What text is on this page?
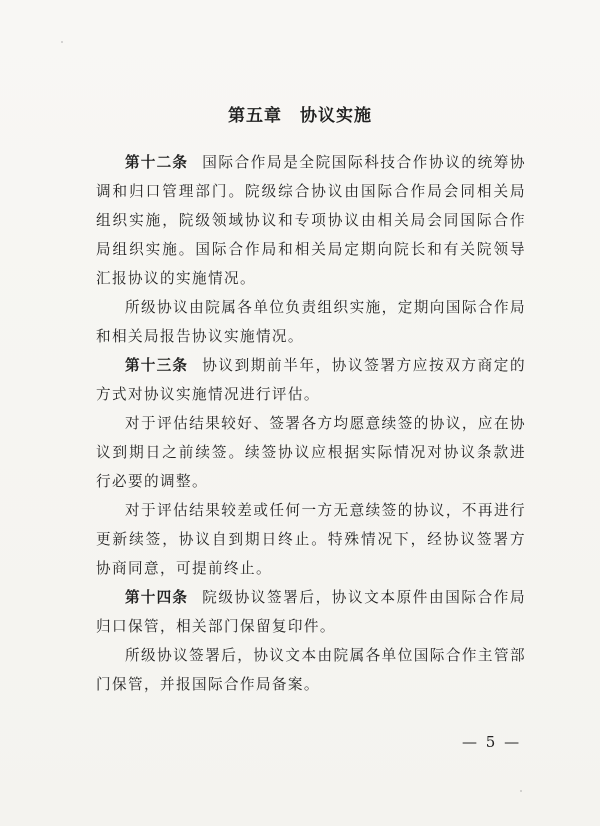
第五章　协议实施

第十二条 国际合作局是全院国际科技合作协议的统筹协调和归口管理部门。院级综合协议由国际合作局会同相关局组织实施，院级领域协议和专项协议由相关局会同国际合作局组织实施。国际合作局和相关局定期向院长和有关院领导汇报协议的实施情况。

所级协议由院属各单位负责组织实施，定期向国际合作局和相关局报告协议实施情况。

第十三条 协议到期前半年，协议签署方应按双方商定的方式对协议实施情况进行评估。

对于评估结果较好、签署各方均愿意续签的协议，应在协议到期日之前续签。续签协议应根据实际情况对协议条款进行必要的调整。

对于评估结果较差或任何一方无意续签的协议，不再进行更新续签，协议自到期日终止。特殊情况下，经协议签署方协商同意，可提前终止。

第十四条 院级协议签署后，协议文本原件由国际合作局归口保管，相关部门保留复印件。

所级协议签署后，协议文本由院属各单位国际合作主管部门保管，并报国际合作局备案。

— 5 —
